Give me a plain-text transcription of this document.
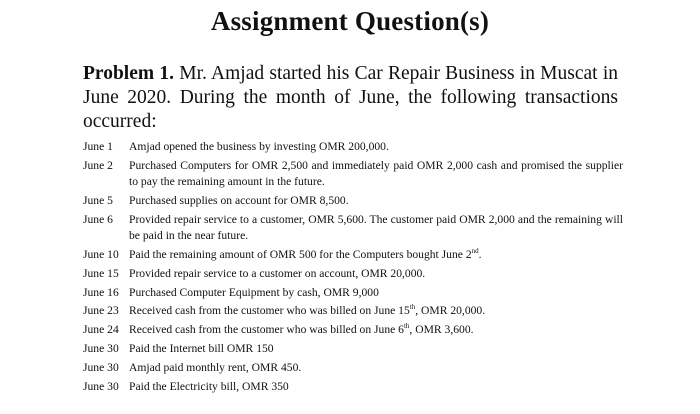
Assignment Question(s)
Problem 1. Mr. Amjad started his Car Repair Business in Muscat in June 2020. During the month of June, the following transactions occurred:
June 1 Amjad opened the business by investing OMR 200,000.
June 2 Purchased Computers for OMR 2,500 and immediately paid OMR 2,000 cash and promised the supplier to pay the remaining amount in the future.
June 5 Purchased supplies on account for OMR 8,500.
June 6 Provided repair service to a customer, OMR 5,600. The customer paid OMR 2,000 and the remaining will be paid in the near future.
June 10 Paid the remaining amount of OMR 500 for the Computers bought June 2nd.
June 15 Provided repair service to a customer on account, OMR 20,000.
June 16 Purchased Computer Equipment by cash, OMR 9,000
June 23 Received cash from the customer who was billed on June 15th, OMR 20,000.
June 24 Received cash from the customer who was billed on June 6th, OMR 3,600.
June 30 Paid the Internet bill OMR 150
June 30 Amjad paid monthly rent, OMR 450.
June 30 Paid the Electricity bill, OMR 350
